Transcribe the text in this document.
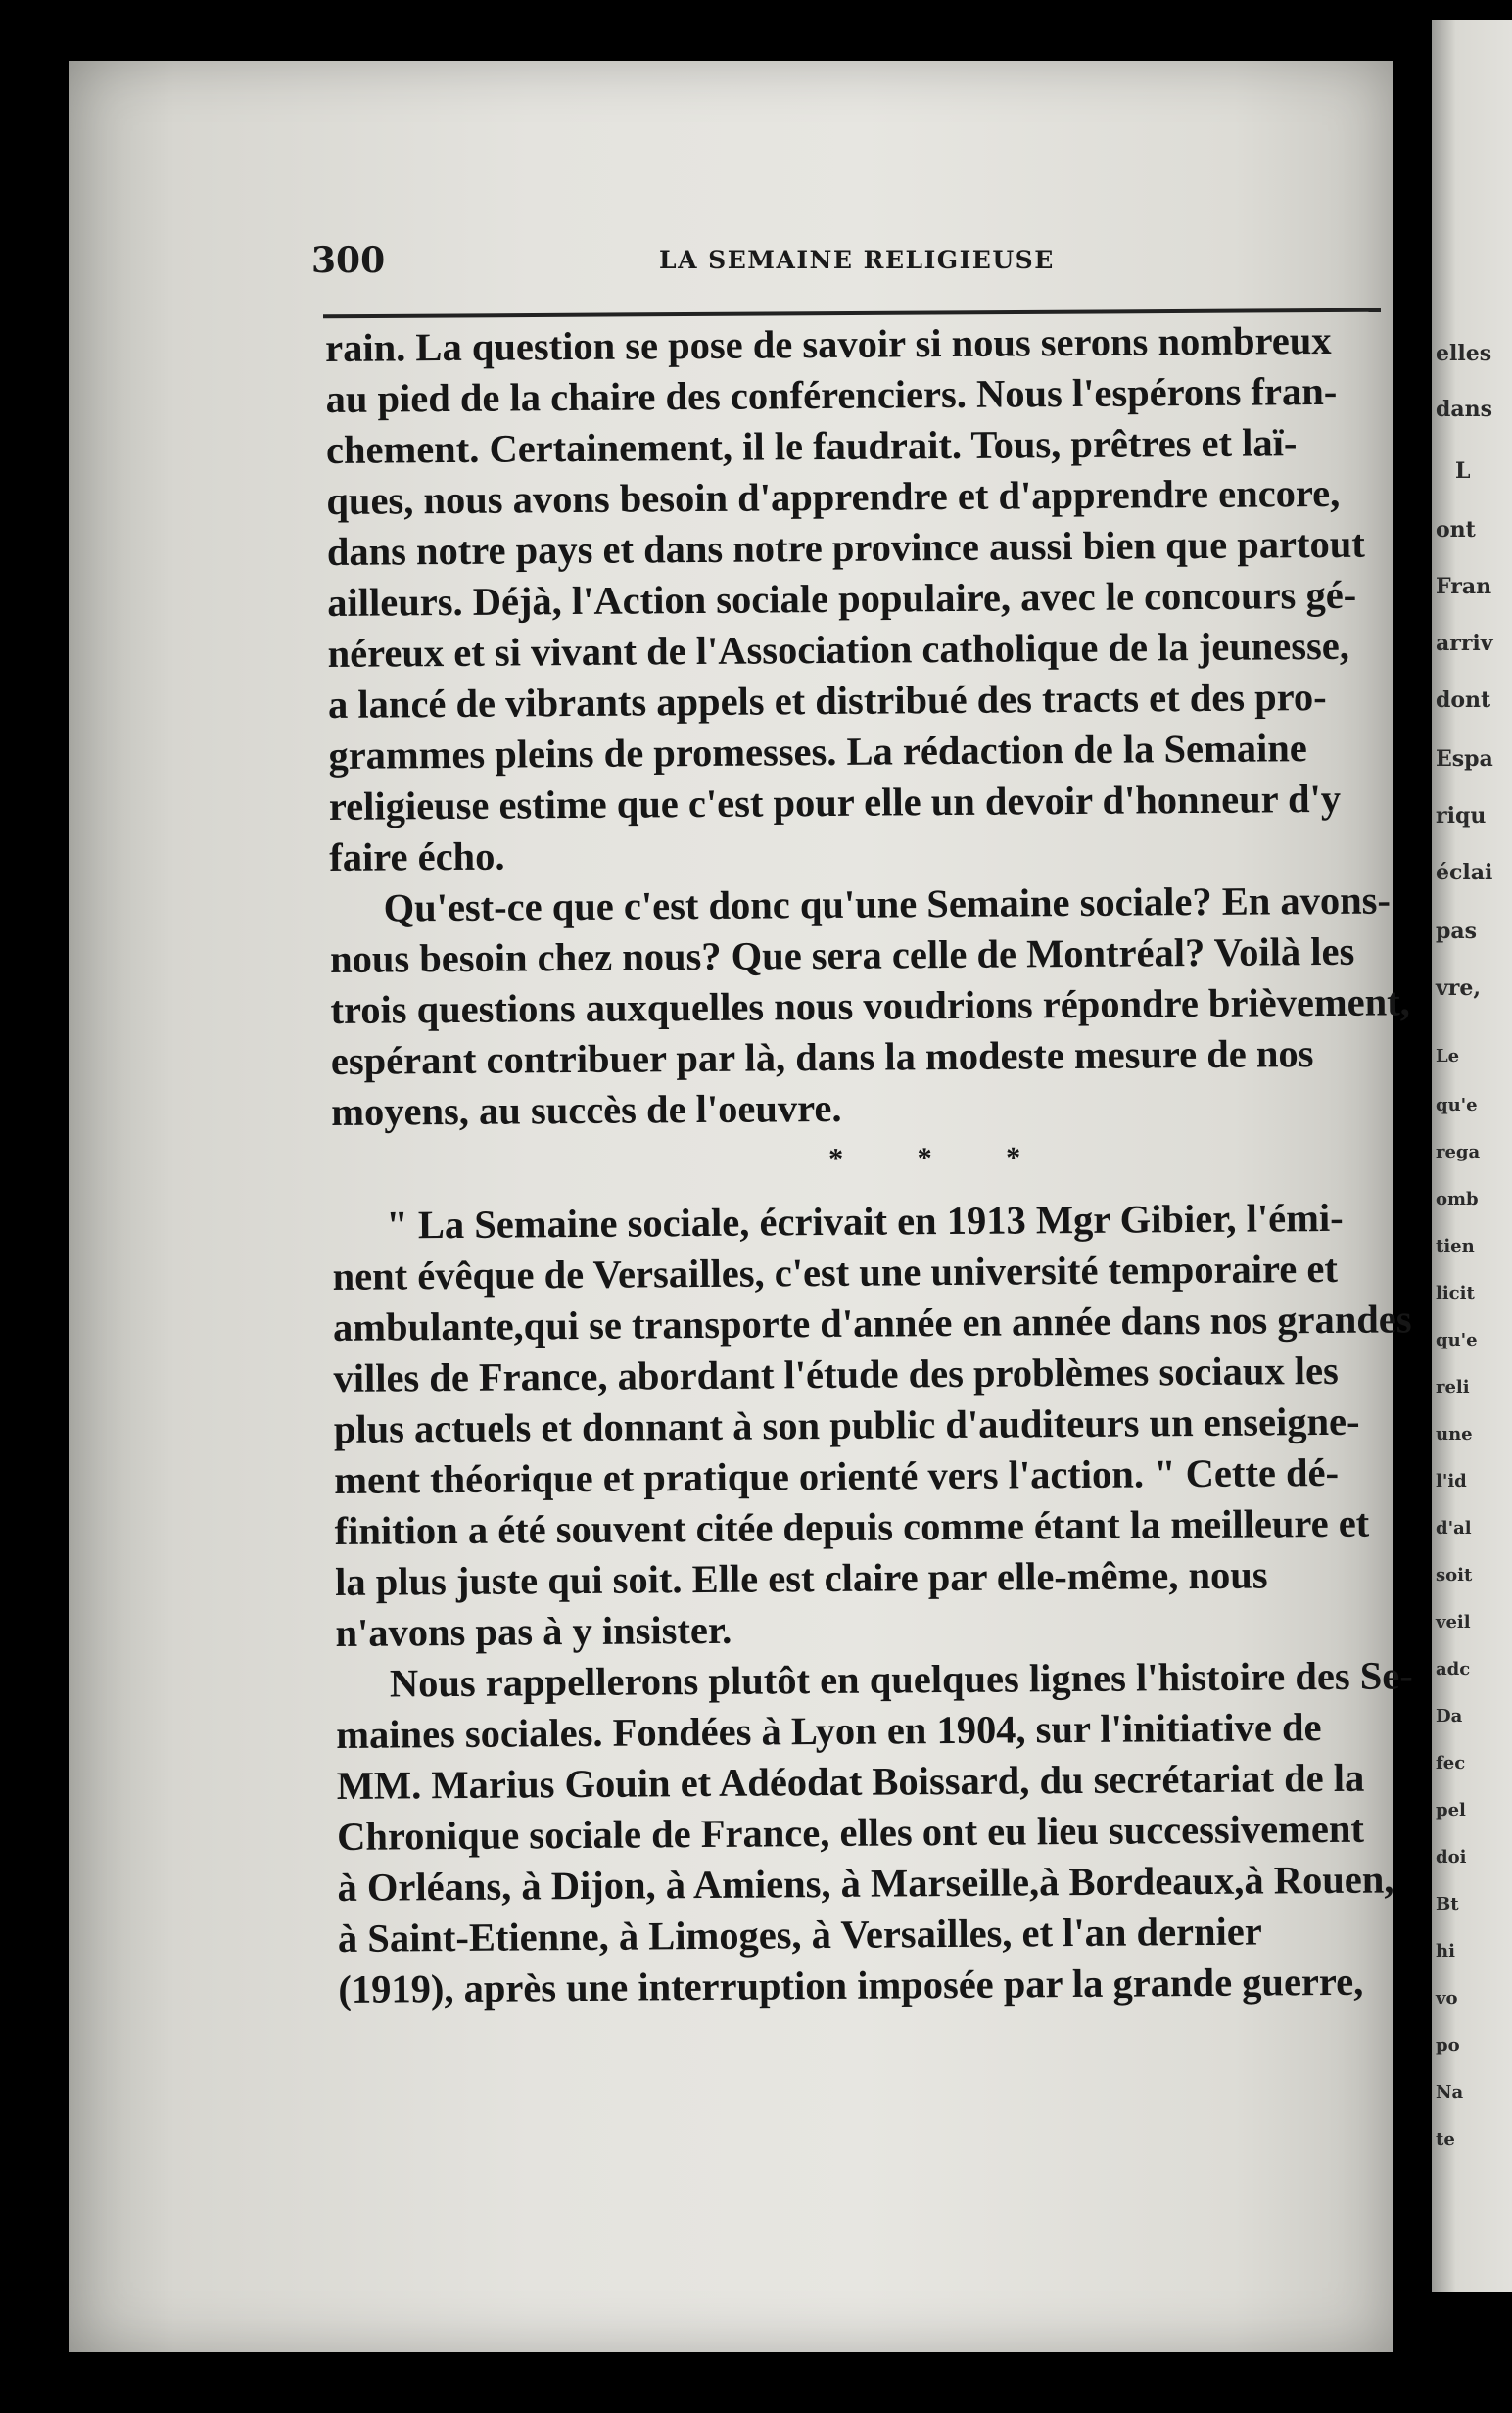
elles
dans
L
ont
Fran
arriv
dont
Espa
riqu
éclai
pas
vre,
Le
qu'e
rega
omb
tien
licit
qu'e
reli
une
l'id
d'al
soit
veil
adc
Da
fec
pel
doi
Bt
hi
vo
po
Na
te
300	LA SEMAINE RELIGIEUSE
rain. La question se pose de savoir si nous serons nombreux
au pied de la chaire des conférenciers. Nous l'espérons fran-
chement. Certainement, il le faudrait. Tous, prêtres et laï-
ques, nous avons besoin d'apprendre et d'apprendre encore,
dans notre pays et dans notre province aussi bien que partout
ailleurs. Déjà, l'Action sociale populaire, avec le concours gé-
néreux et si vivant de l'Association catholique de la jeunesse,
a lancé de vibrants appels et distribué des tracts et des pro-
grammes pleins de promesses. La rédaction de la Semaine
religieuse estime que c'est pour elle un devoir d'honneur d'y
faire écho.
Qu'est-ce que c'est donc qu'une Semaine sociale? En avons-
nous besoin chez nous? Que sera celle de Montréal? Voilà les
trois questions auxquelles nous voudrions répondre brièvement,
espérant contribuer par là, dans la modeste mesure de nos
moyens, au succès de l'oeuvre.
* * *
" La Semaine sociale, écrivait en 1913 Mgr Gibier, l'émi-
nent évêque de Versailles, c'est une université temporaire et
ambulante,qui se transporte d'année en année dans nos grandes
villes de France, abordant l'étude des problèmes sociaux les
plus actuels et donnant à son public d'auditeurs un enseigne-
ment théorique et pratique orienté vers l'action. " Cette dé-
finition a été souvent citée depuis comme étant la meilleure et
la plus juste qui soit. Elle est claire par elle-même, nous
n'avons pas à y insister.
Nous rappellerons plutôt en quelques lignes l'histoire des Se-
maines sociales. Fondées à Lyon en 1904, sur l'initiative de
MM. Marius Gouin et Adéodat Boissard, du secrétariat de la
Chronique sociale de France, elles ont eu lieu successivement
à Orléans, à Dijon, à Amiens, à Marseille,à Bordeaux,à Rouen,
à Saint-Etienne, à Limoges, à Versailles, et l'an dernier
(1919), après une interruption imposée par la grande guerre,
